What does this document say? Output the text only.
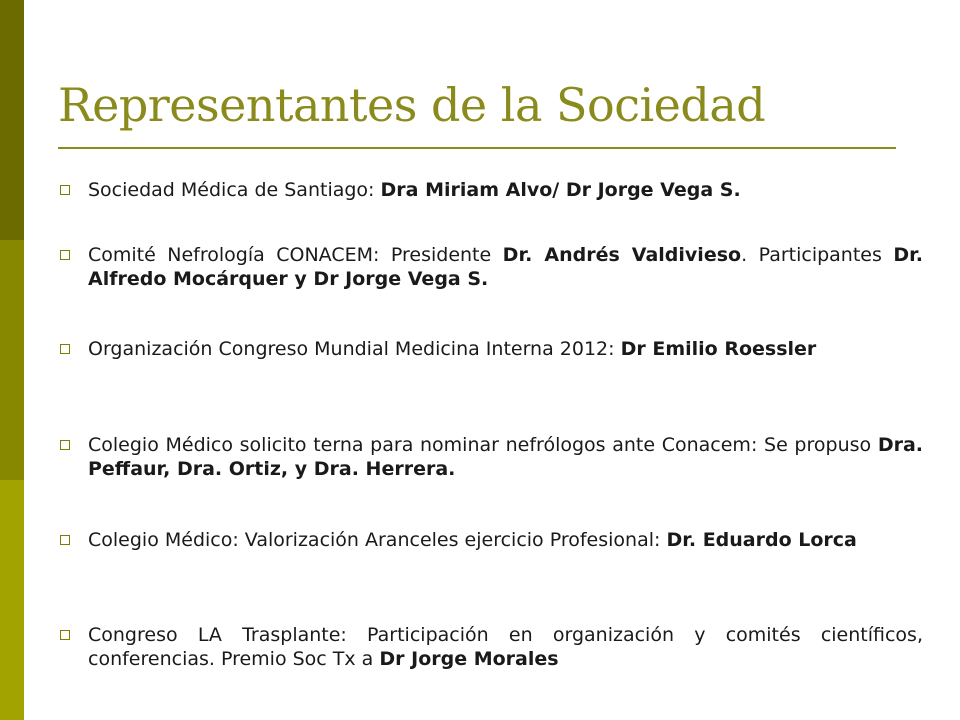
Representantes de la Sociedad
Sociedad Médica de Santiago: Dra Miriam Alvo/ Dr Jorge Vega S.
Comité Nefrología CONACEM: Presidente Dr. Andrés Valdivieso. Participantes Dr. Alfredo Mocárquer y Dr Jorge Vega S.
Organización Congreso Mundial Medicina Interna 2012: Dr Emilio Roessler
Colegio Médico solicito terna para nominar nefrólogos ante Conacem: Se propuso Dra. Peffaur, Dra. Ortiz, y Dra. Herrera.
Colegio Médico: Valorización Aranceles ejercicio Profesional: Dr. Eduardo Lorca
Congreso LA Trasplante: Participación en organización y comités científicos, conferencias. Premio Soc Tx a Dr Jorge Morales
